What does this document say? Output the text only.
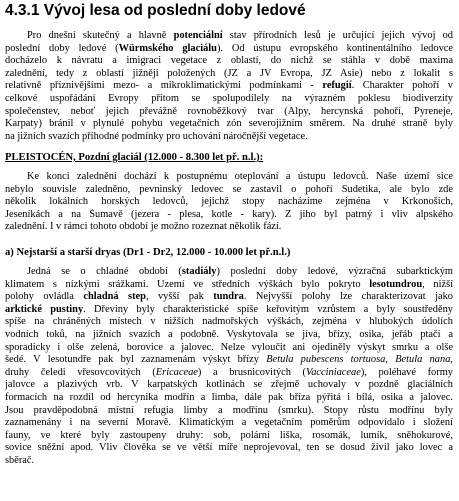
4.3.1 Vývoj lesa od poslední doby ledové
Pro dnešní skutečný a hlavně potenciální stav přírodních lesů je určující jejich vývoj od
poslední doby ledové (Würmského glaciálu). Od ústupu evropského kontinentálního ledovce
docházelo k návratu a imigraci vegetace z oblastí, do nichž se stáhla v době maxima
zalednění, tedy z oblastí jižněji položených (JZ a JV Evropa, JZ Asie) nebo z lokalit s
relativně příznivějšími mezo- a mikroklimatickými podmínkami - refugií. Charakter pohoří v
celkové uspořádání Evropy přitom se spolupodílely na výrazném poklesu biodiverzity
společenstev, neboť jejich převážně rovnoběžkový tvar (Alpy, hercynská pohoří, Pyreneje,
Karpaty) bránil v plynulé pohybu vegetačních zón severojižním směrem. Na druhé straně byly
na jižních svazích příhodné podmínky pro uchování náročnější vegetace.
PLEISTOCÉN, Pozdní glaciál (12.000 - 8.300 let př. n.l.):
Ke konci zalednění dochází k postupnému oteplování a ústupu ledovců. Naše území sice
nebylo souvisle zaledněno, pevninský ledovec se zastavil o pohoří Sudetika, ale bylo zde
několik lokálních horských ledovců, jejichž stopy nacházíme zejména v Krkonoších,
Jeseníkách a na Šumavě (jezera - plesa, kotle - kary). Z jiho byl patrný i vliv alpského
zalednění. I v rámci tohoto období je možno rozeznat několik fází.
a) Nejstarší a starší dryas (Dr1 - Dr2, 12.000 - 10.000 let př.n.l.)
Jedná se o chladné období (stadiály) poslední doby ledové, výzračná subarktickým
klimatem s nízkými srážkami. Území ve středních výškách bylo pokryto lesotundrou, nižší
polohy ovládla chladná step, vyšší pak tundra. Nejvyšší polohy lze charakterizovat jako
arktické pustiny. Dřeviny byly charakteristické spíše keřovitým vzrůstem a byly soustředěny
spíše na chráněných místech v nižších nadmořských výškách, zejména v hlubokých údolích
vodních toků, na jižních svazích a podobně. Vyskytovala se jíva, břízy, osika, jeřáb ptačí a
sporadicky i olše zelená, borovice a jalovec. Nelze vyloučit ani ojediněly výskyt smrku a olše
šedé. V lesotundře pak byl zaznamenám výskyt břízy Betula pubescens tortuosa, Betula nana,
druhy čeledi vřesovcovitých (Ericaceae) a brusnicovitých (Vacciniaceae), poléhavé formy
jalovce a plazivých vrb. V karpatských kotlinách se zřejmě uchovaly v pozdně glaciálních
formacích na rozdíl od hercynika modřín a limba, dále pak bříza pýřitá i bílá, osika a jalovec.
Jsou pravděpodobná místní refugia limby a modřínu (smrku). Stopy růstu modřínu byly
zaznamenány i na severní Moravě. Klimatickým a vegetačním poměrům odpovídalo i složení
fauny, ve které byly zastoupeny druhy: sob, polární liška, rosomák, lumík, sněhokurové,
sovice sněžní apod. Vliv člověka se ve větší míře neprojevoval, ten se dosud živil jako lovec a
sběrač.
